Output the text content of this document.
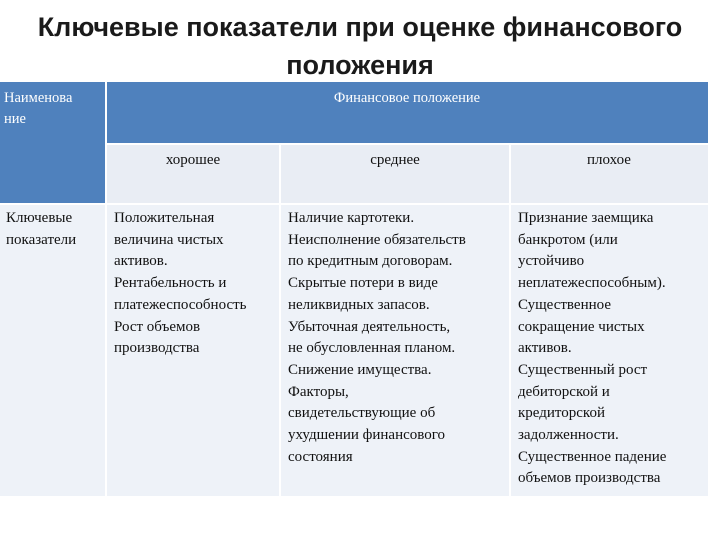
Ключевые показатели при оценке финансового
положения
Наименова
ние
Финансовое положение
хорошее	среднее	плохое
Ключевые
показатели
Положительная
величина чистых
активов.
Рентабельность и
платежеспособность
Рост объемов
производства
Наличие картотеки.
Неисполнение обязательств
по кредитным договорам.
Скрытые потери в виде
неликвидных запасов.
Убыточная деятельность,
не обусловленная планом.
Снижение имущества.
Факторы,
свидетельствующие об
ухудшении финансового
состояния
Признание заемщика
банкротом (или
устойчиво
неплатежеспособным).
Существенное
сокращение чистых
активов.
Существенный рост
дебиторской и
кредиторской
задолженности.
Существенное падение
объемов производства
